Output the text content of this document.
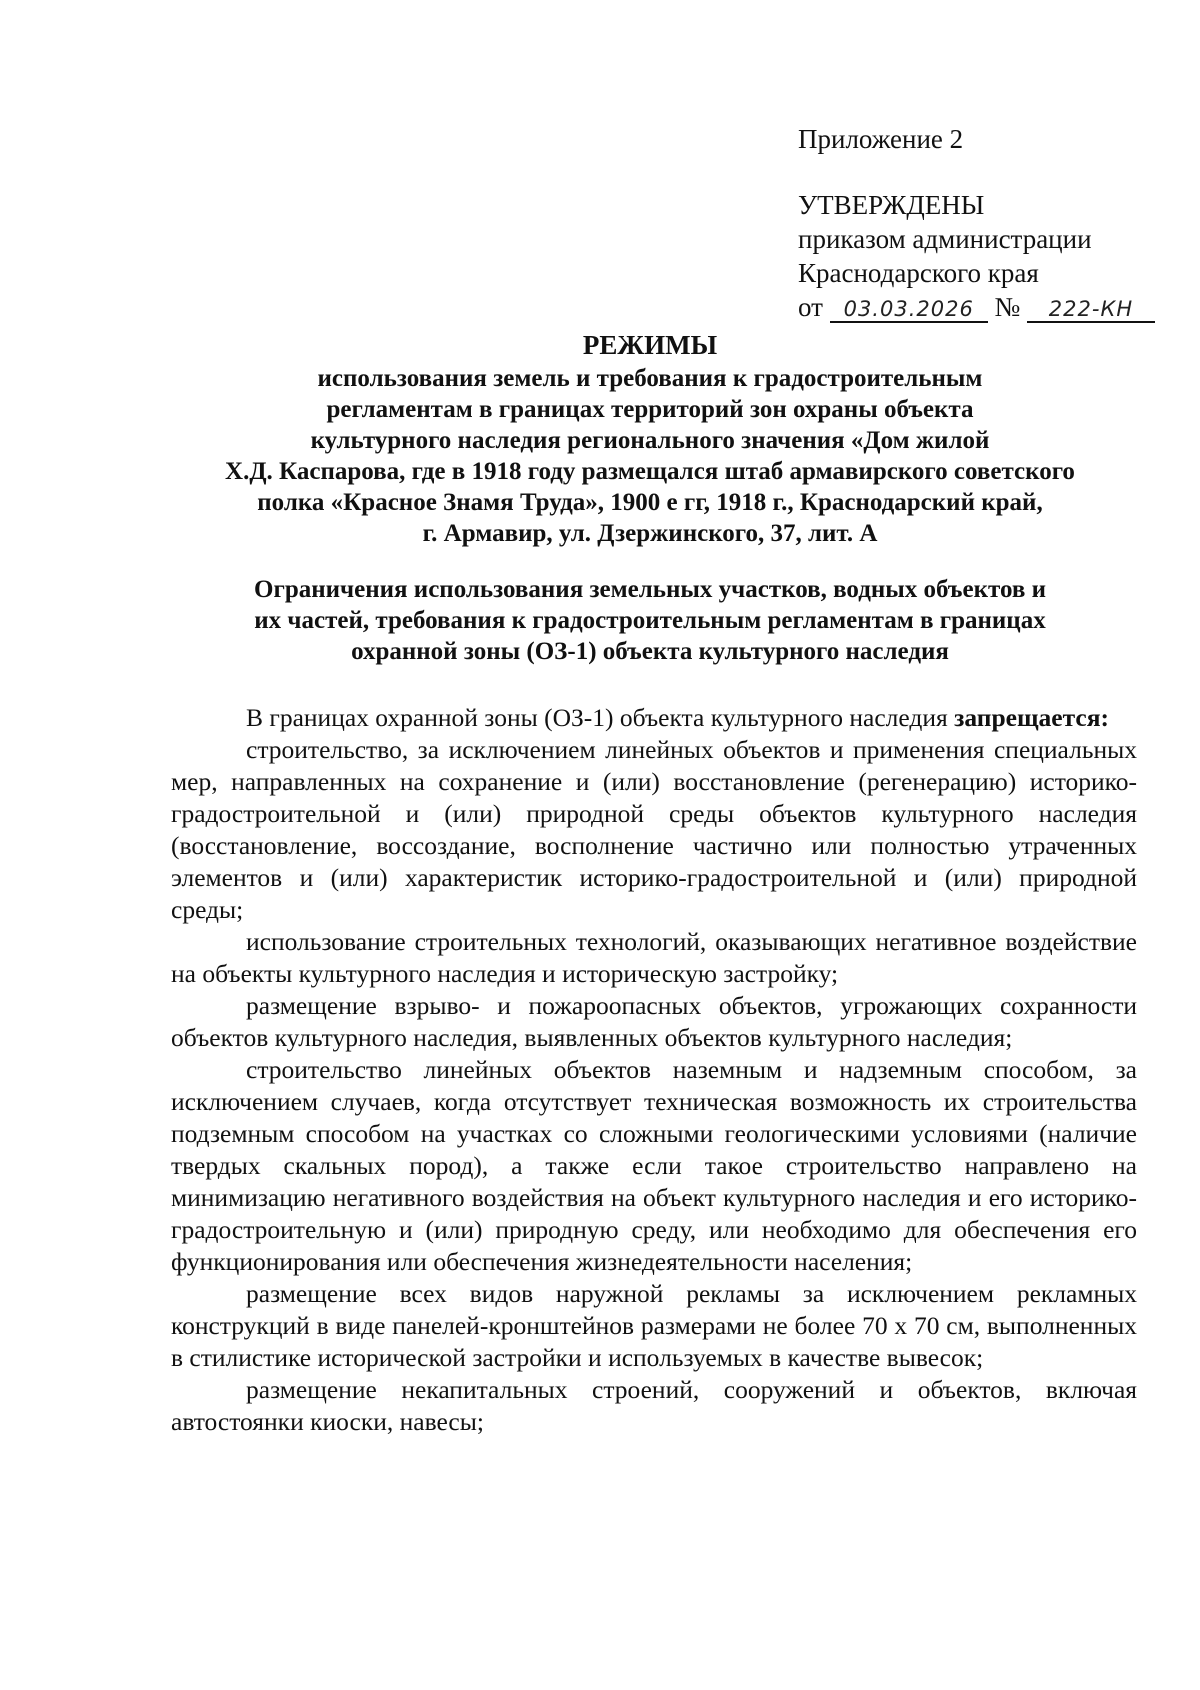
Приложение 2
УТВЕРЖДЕНЫ
приказом администрации
Краснодарского края
от 03.03.2026 № 222-КН
РЕЖИМЫ
использования земель и требования к градостроительным
регламентам в границах территорий зон охраны объекта
культурного наследия регионального значения «Дом жилой
Х.Д. Каспарова, где в 1918 году размещался штаб армавирского советского
полка «Красное Знамя Труда», 1900 е гг, 1918 г., Краснодарский край,
г. Армавир, ул. Дзержинского, 37, лит. А
Ограничения использования земельных участков, водных объектов и
их частей, требования к градостроительным регламентам в границах
охранной зоны (ОЗ-1) объекта культурного наследия

В границах охранной зоны (ОЗ-1) объекта культурного наследия запрещается:

строительство, за исключением линейных объектов и применения специальных мер, направленных на сохранение и (или) восстановление (регенерацию) историко-градостроительной и (или) природной среды объектов культурного наследия (восстановление, воссоздание, восполнение частично или полностью утраченных элементов и (или) характеристик историко-градостроительной и (или) природной среды;

использование строительных технологий, оказывающих негативное воздействие на объекты культурного наследия и историческую застройку;

размещение взрыво- и пожароопасных объектов, угрожающих сохранности объектов культурного наследия, выявленных объектов культурного наследия;

строительство линейных объектов наземным и надземным способом, за исключением случаев, когда отсутствует техническая возможность их строительства подземным способом на участках со сложными геологическими условиями (наличие твердых скальных пород), а также если такое строительство направлено на минимизацию негативного воздействия на объект культурного наследия и его историко-градостроительную и (или) природную среду, или необходимо для обеспечения его функционирования или обеспечения жизнедеятельности населения;

размещение всех видов наружной рекламы за исключением рекламных конструкций в виде панелей-кронштейнов размерами не более 70 х 70 см, выполненных в стилистике исторической застройки и используемых в качестве вывесок;

размещение некапитальных строений, сооружений и объектов, включая автостоянки киоски, навесы;
